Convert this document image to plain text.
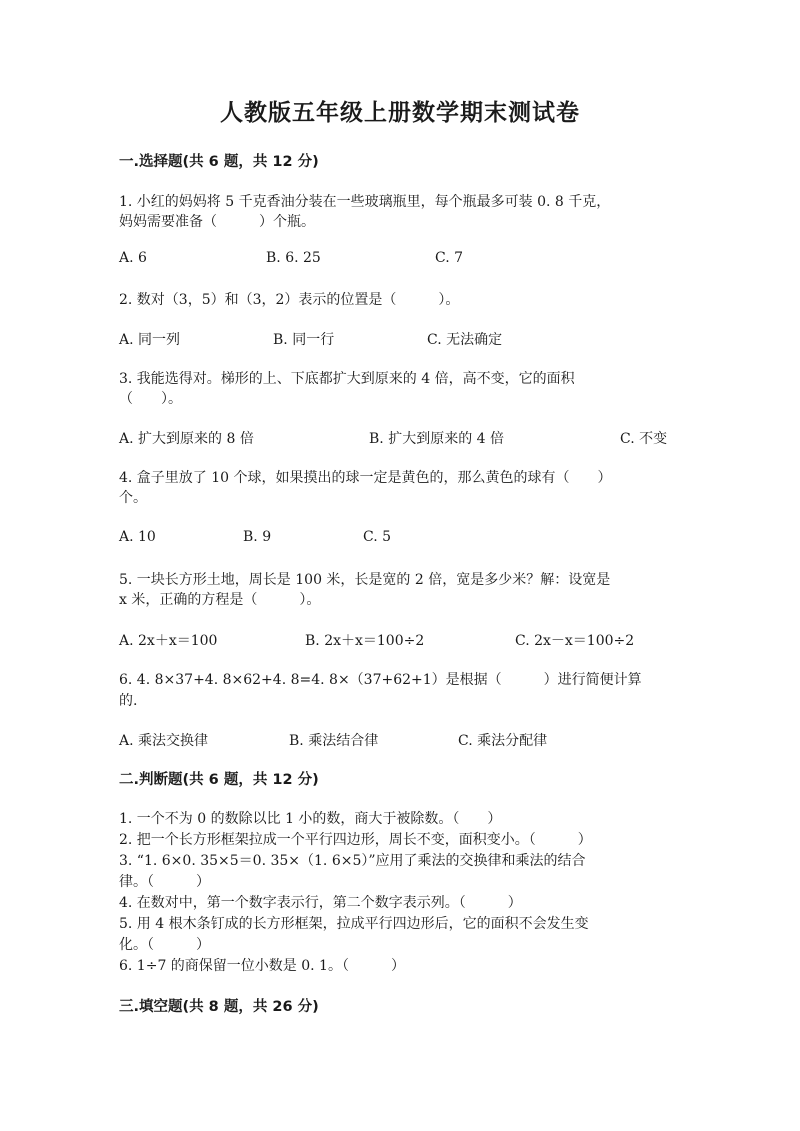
人教版五年级上册数学期末测试卷
一.选择题(共 6 题，共 12 分)
1. 小红的妈妈将 5 千克香油分装在一些玻璃瓶里，每个瓶最多可装 0. 8 千克，
妈妈需要准备（　　　）个瓶。
A. 6	B. 6. 25	C. 7
2. 数对（3，5）和（3，2）表示的位置是（　　　）。
A. 同一列	B. 同一行	C. 无法确定
3. 我能选得对。梯形的上、下底都扩大到原来的 4 倍，高不变，它的面积
（　　）。
A. 扩大到原来的 8 倍	B. 扩大到原来的 4 倍	C. 不变
4. 盒子里放了 10 个球，如果摸出的球一定是黄色的，那么黄色的球有（　　）
个。
A. 10	B. 9	C. 5
5. 一块长方形土地，周长是 100 米，长是宽的 2 倍，宽是多少米？解：设宽是
x 米，正确的方程是（　　　）。
A. 2x＋x＝100	B. 2x＋x＝100÷2	C. 2x－x＝100÷2
6. 4. 8×37+4. 8×62+4. 8=4. 8×（37+62+1）是根据（　　　）进行简便计算
的.
A. 乘法交换律	B. 乘法结合律	C. 乘法分配律
二.判断题(共 6 题，共 12 分)
1. 一个不为 0 的数除以比 1 小的数，商大于被除数。（　　）
2. 把一个长方形框架拉成一个平行四边形，周长不变，面积变小。（　　　）
3. “1. 6×0. 35×5＝0. 35×（1. 6×5）”应用了乘法的交换律和乘法的结合
律。（　　　）
4. 在数对中，第一个数字表示行，第二个数字表示列。（　　　）
5. 用 4 根木条钉成的长方形框架，拉成平行四边形后，它的面积不会发生变
化。（　　　）
6. 1÷7 的商保留一位小数是 0. 1。（　　　）
三.填空题(共 8 题，共 26 分)
